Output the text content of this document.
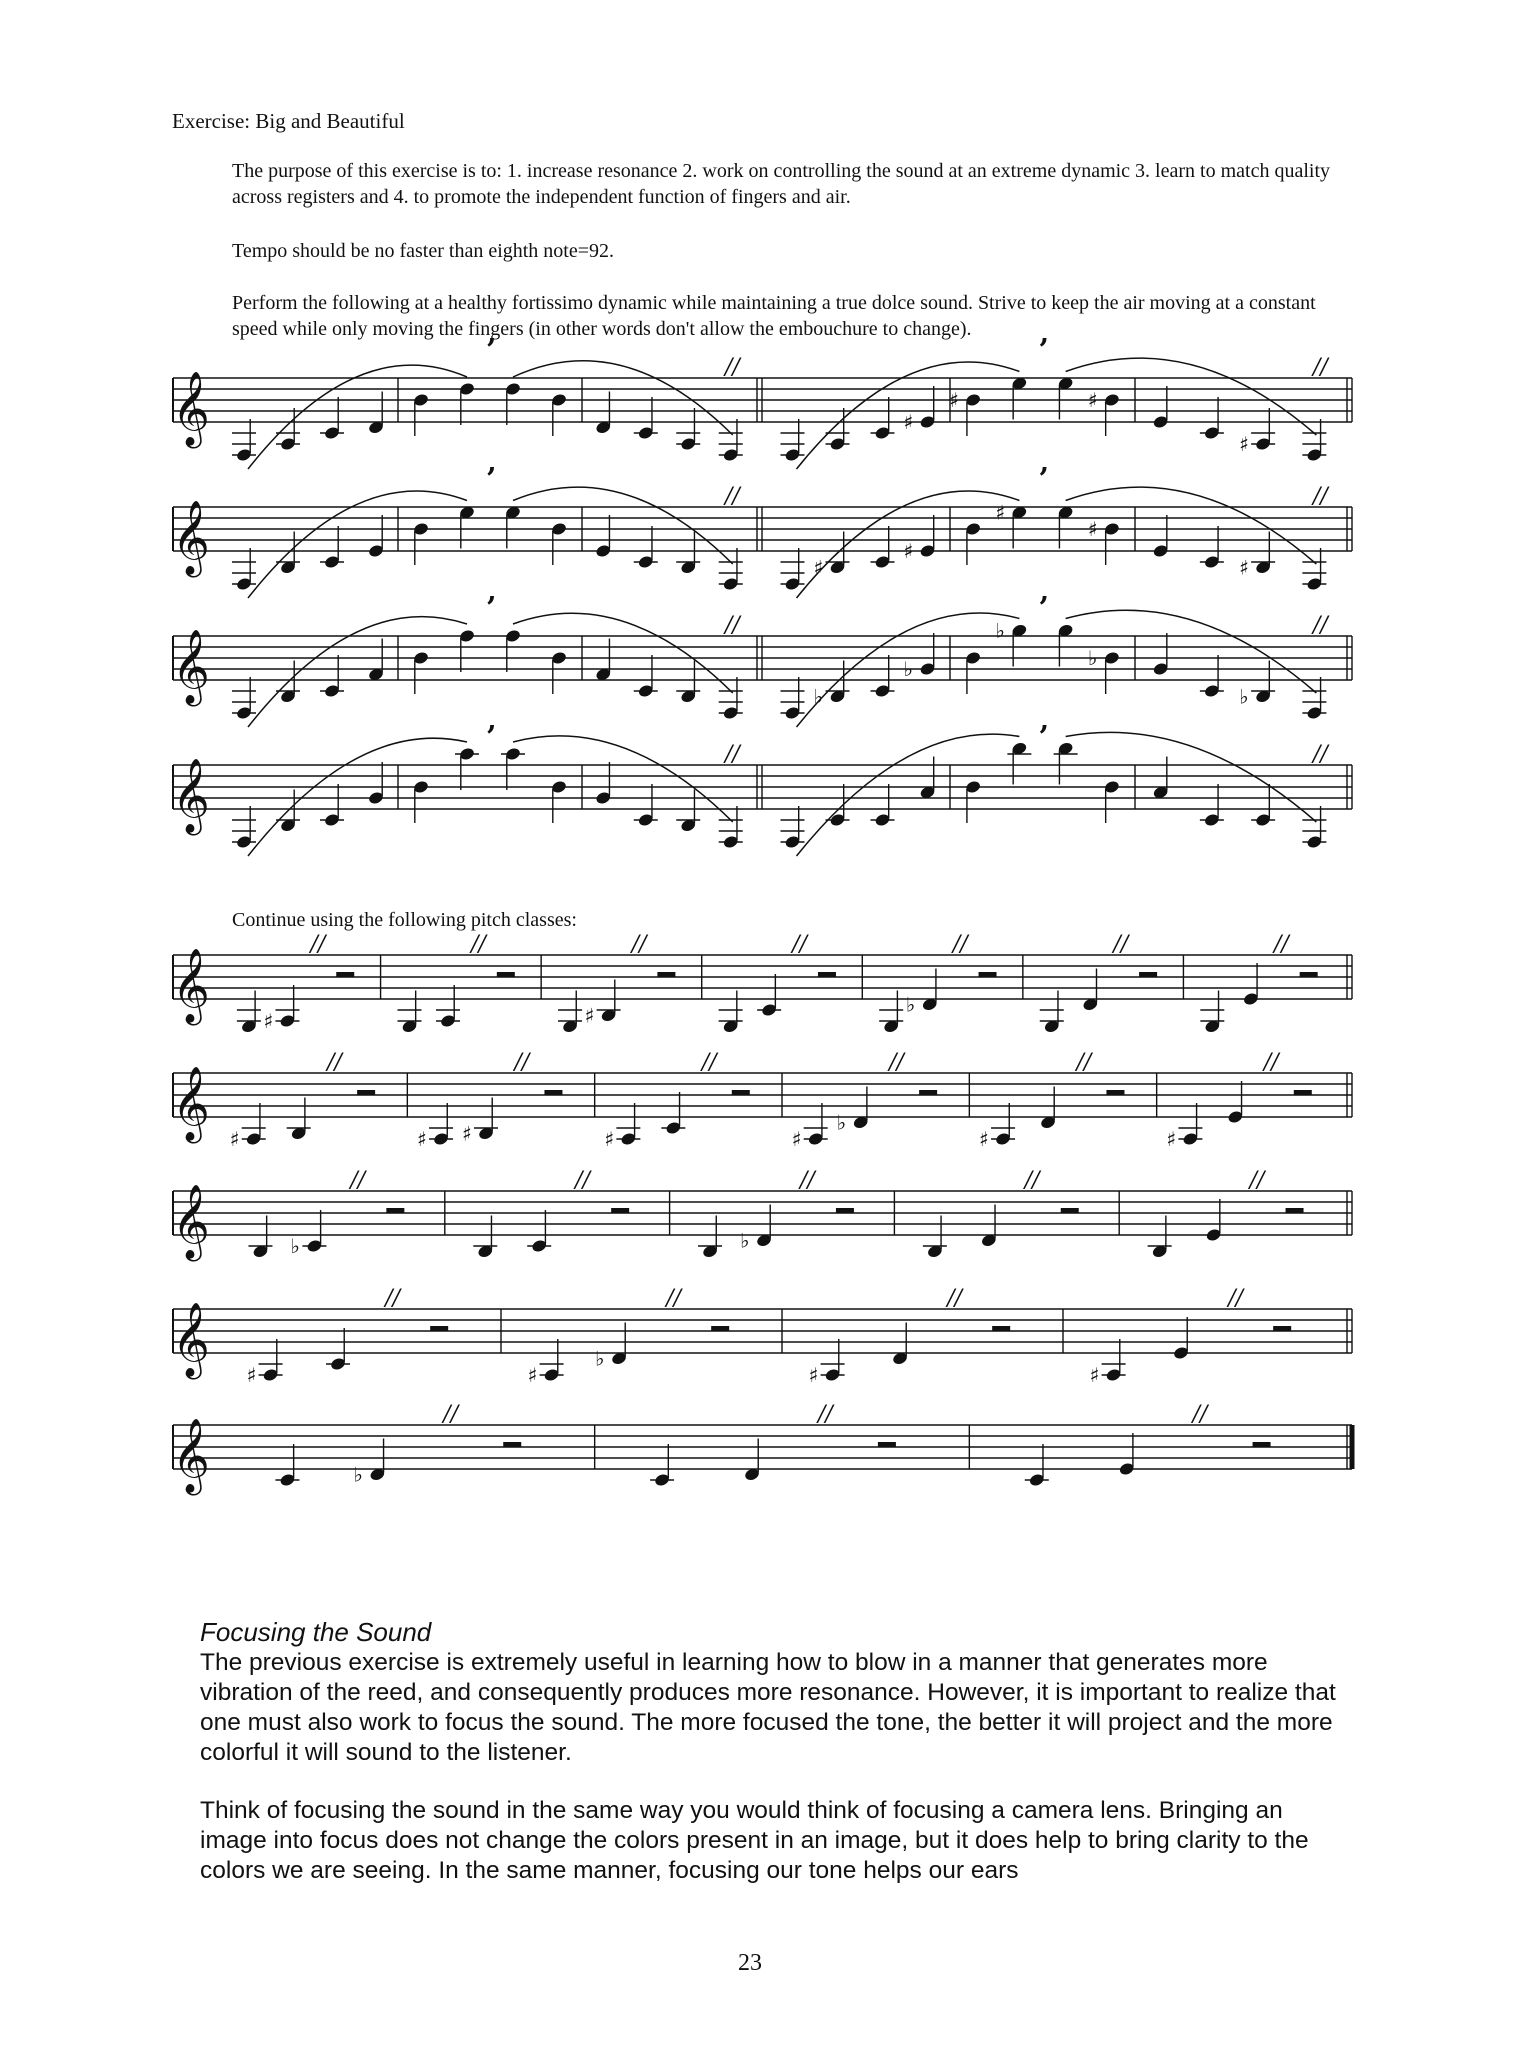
Exercise: Big and Beautiful

The purpose of this exercise is to: 1. increase resonance 2. work on controlling the sound at an extreme dynamic 3. learn to match quality across registers and 4. to promote the independent function of fingers and air.

Tempo should be no faster than eighth note=92.

Perform the following at a healthy fortissimo dynamic while maintaining a true dolce sound. Strive to keep the air moving at a constant speed while only moving the fingers (in other words don't allow the embouchure to change).

𝄞
’	//
♯
♯	♯
♯
’	//
𝄞
’	//
♯
♯
♯
♯
♯
’	//
𝄞
’	//
♭
♭
♭
♭
♭
’	//
𝄞
’	//	’	//
𝄞	♯
//	//
♯
//	//
♭
//	//	//
𝄞 ♯
//
♯ ♯
//
♯
//
♯
♭
//
♯
//
♯
//
𝄞	♭
//	//
♭
//	//	//
𝄞 ♯
//
♯
♭
//
♯
//
♯
//
𝄞	♭
//	//	//

Continue using the following pitch classes:

Focusing the Sound

The previous exercise is extremely useful in learning how to blow in a manner that generates more vibration of the reed, and consequently produces more resonance. However, it is important to realize that one must also work to focus the sound. The more focused the tone, the better it will project and the more colorful it will sound to the listener.

Think of focusing the sound in the same way you would think of focusing a camera lens. Bringing an image into focus does not change the colors present in an image, but it does help to bring clarity to the colors we are seeing. In the same manner, focusing our tone helps our ears

23
